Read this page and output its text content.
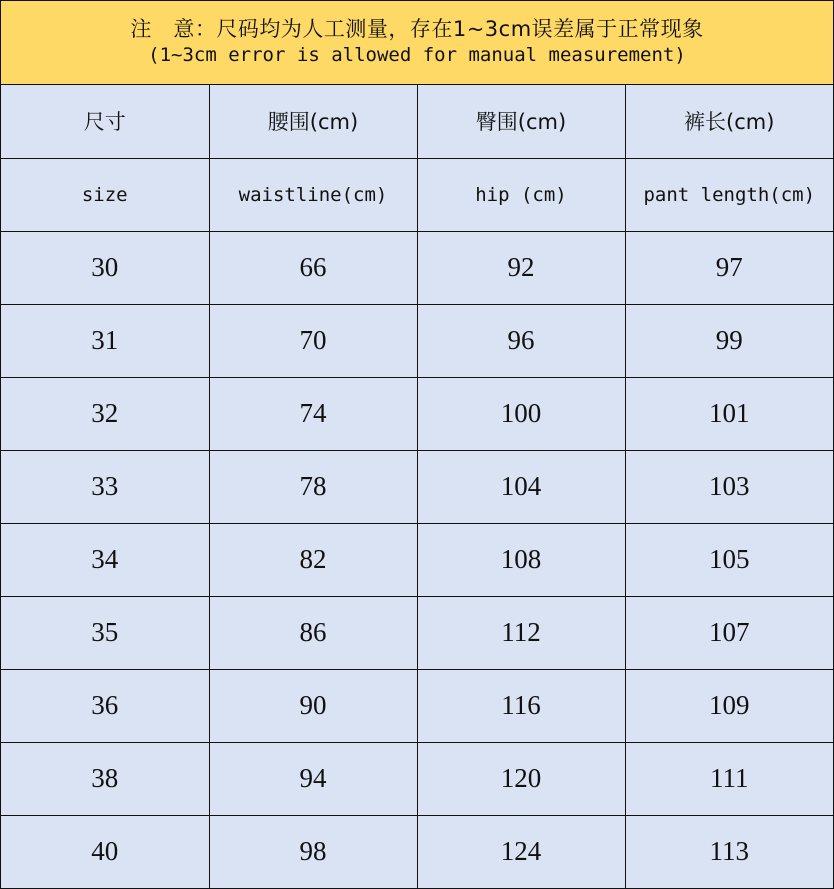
注　意：尺码均为人工测量，存在1~3cm误差属于正常现象
(1~3cm error is allowed for manual measurement)
尺寸	腰围(cm)	臀围(cm)	裤长(cm)
size	waistline(cm)	hip (cm)	pant length(cm)
30	66	92	97
31	70	96	99
32	74	100	101
33	78	104	103
34	82	108	105
35	86	112	107
36	90	116	109
38	94	120	111
40	98	124	113
